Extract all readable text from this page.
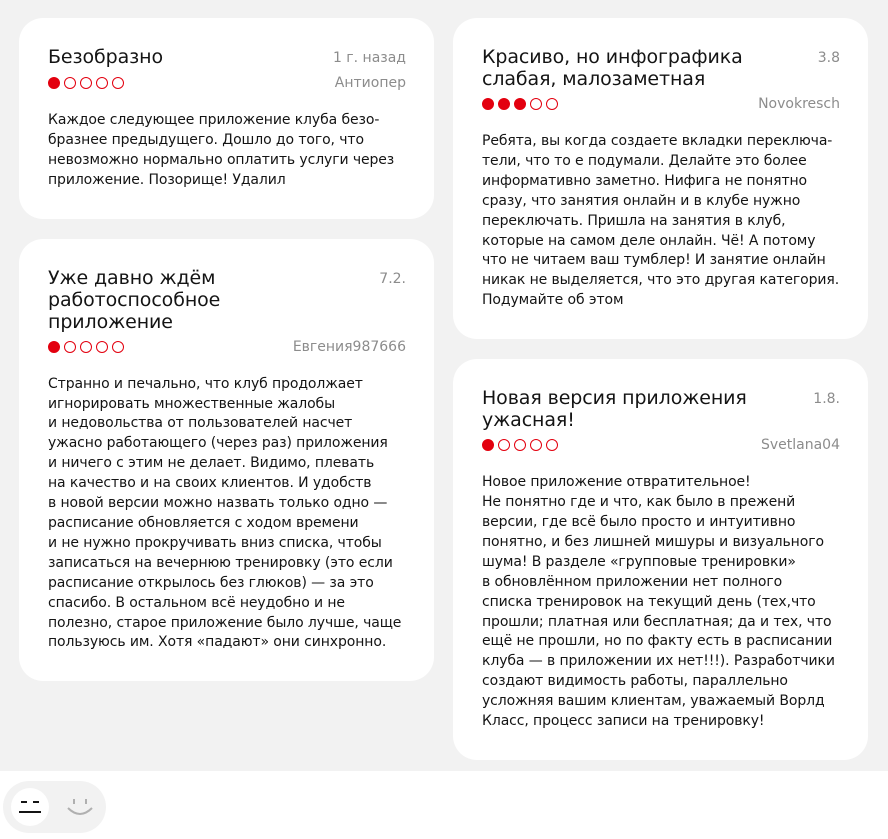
Безобразно	1 г. назад
Антиопер
Каждое следующее приложение клуба безо-
бразнее предыдущего. Дошло до того, что
невозможно нормально оплатить услуги через
приложение. Позорище! Удалил
Уже давно ждём работоспособное приложение
7.2.
Евгения987666
Странно и печально, что клуб продолжает
игнорировать множественные жалобы
и недовольства от пользователей насчет
ужасно работающего (через раз) приложения
и ничего с этим не делает. Видимо, плевать
на качество и на своих клиентов. И удобств
в новой версии можно назвать только одно —
расписание обновляется с ходом времени
и не нужно прокручивать вниз списка, чтобы
записаться на вечернюю тренировку (это если
расписание открылось без глюков) — за это
спасибо. В остальном всё неудобно и не
полезно, старое приложение было лучше, чаще
пользуюсь им. Хотя «падают» они синхронно.
Красиво, но инфографика слабая, малозаметная
3.8
Novokresch
Ребята, вы когда создаете вкладки переключа-
тели, что то е подумали. Делайте это более
информативно заметно. Нифига не понятно
сразу, что занятия онлайн и в клубе нужно
переключать. Пришла на занятия в клуб,
которые на самом деле онлайн. Чё! А потому
что не читаем ваш тумблер! И занятие онлайн
никак не выделяется, что это другая категория.
Подумайте об этом
Новая версия приложения ужасная!
1.8.
Svetlana04
Новое приложение отвратительное!
Не понятно где и что, как было в преженй
версии, где всё было просто и интуитивно
понятно, и без лишней мишуры и визуального
шума! В разделе «групповые тренировки»
в обновлённом приложении нет полного
списка тренировок на текущий день (тех,что
прошли; платная или бесплатная; да и тех, что
ещё не прошли, но по факту есть в расписании
клуба — в приложении их нет!!!). Разработчики
создают видимость работы, параллельно
усложняя вашим клиентам, уважаемый Ворлд
Класс, процесс записи на тренировку!
